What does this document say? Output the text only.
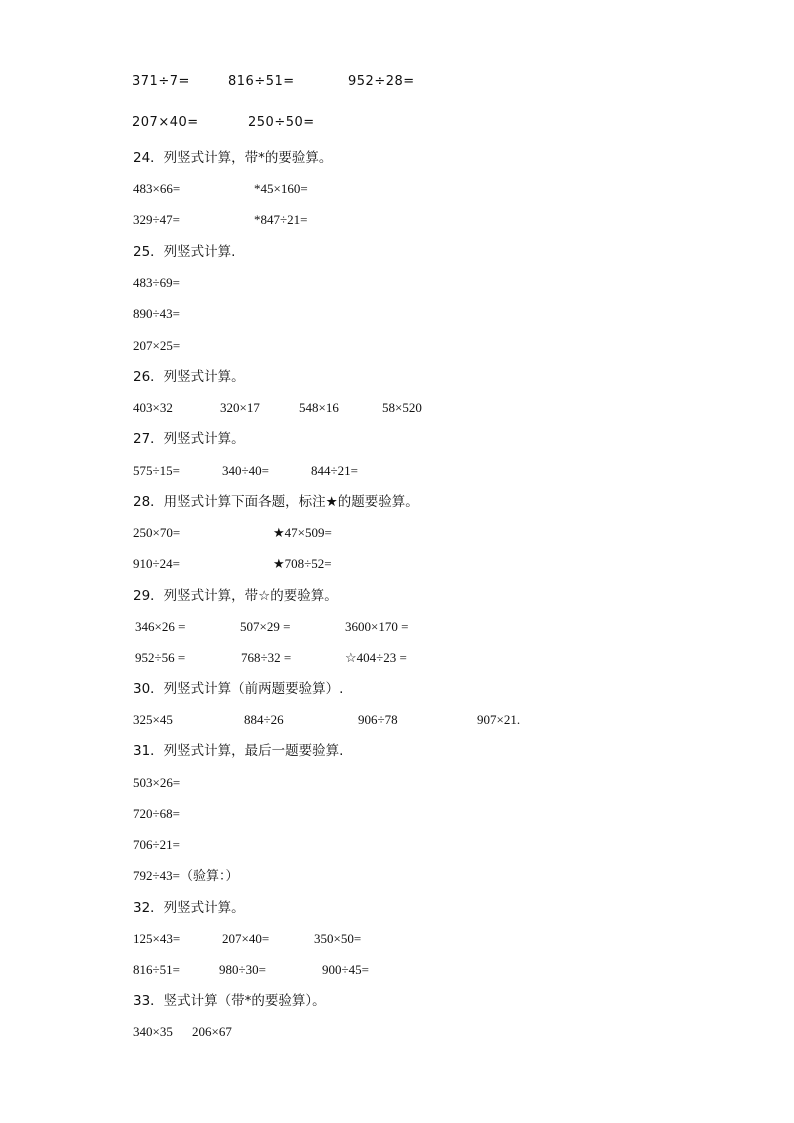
371÷7=	816÷51=	952÷28=
207×40=	250÷50=
24．列竖式计算，带*的要验算。
483×66=	*45×160=
329÷47=	*847÷21=
25．列竖式计算.
483÷69=
890÷43=
207×25=
26．列竖式计算。
403×32	320×17	548×16	58×520
27．列竖式计算。
575÷15=	340÷40=	844÷21=
28．用竖式计算下面各题，标注★的题要验算。
250×70=	★47×509=
910÷24=	★708÷52=
29．列竖式计算，带☆的要验算。
346×26 =	507×29 =	3600×170 =
952÷56 =	768÷32 =	☆404÷23 =
30．列竖式计算（前两题要验算）.
325×45	884÷26	906÷78	907×21.
31．列竖式计算，最后一题要验算.
503×26=
720÷68=
706÷21=
792÷43=（验算：）
32．列竖式计算。
125×43=	207×40=	350×50=
816÷51=	980÷30=	900÷45=
33．竖式计算（带*的要验算）。
340×35 206×67
